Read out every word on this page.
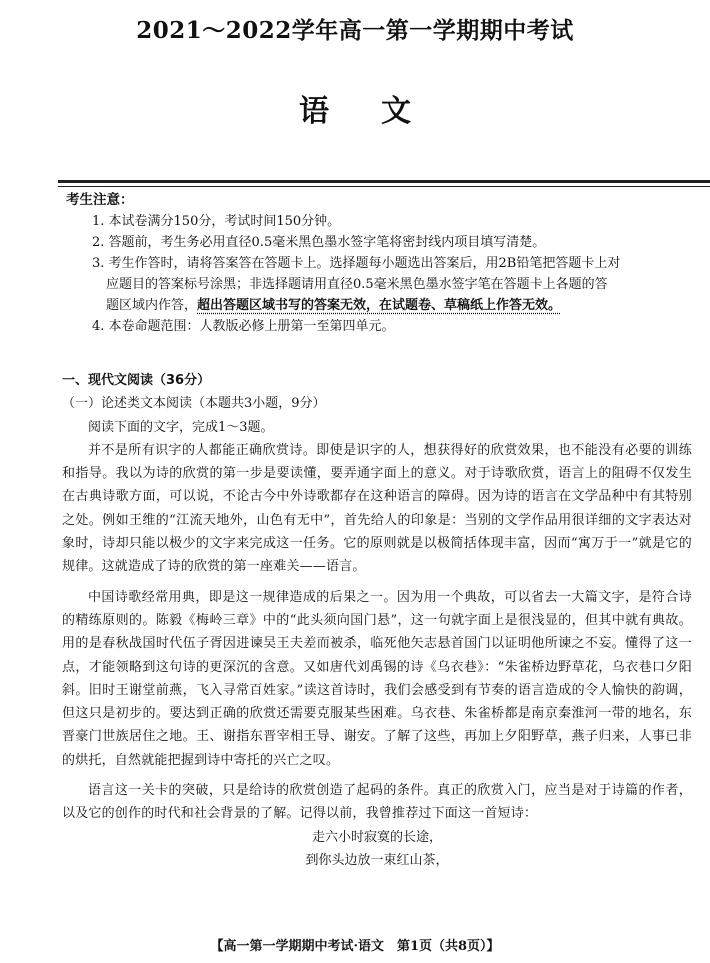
2021～2022学年高一第一学期期中考试
语文

考生注意：

1. 本试卷满分150分，考试时间150分钟。
2. 答题前，考生务必用直径0.5毫米黑色墨水签字笔将密封线内项目填写清楚。
3. 考生作答时，请将答案答在答题卡上。选择题每小题选出答案后，用2B铅笔把答题卡上对
应题目的答案标号涂黑；非选择题请用直径0.5毫米黑色墨水签字笔在答题卡上各题的答
题区域内作答，超出答题区域书写的答案无效，在试题卷、草稿纸上作答无效。
4. 本卷命题范围：人教版必修上册第一至第四单元。

一、现代文阅读（36分）

（一）论述类文本阅读（本题共3小题，9分）

阅读下面的文字，完成1～3题。

并不是所有识字的人都能正确欣赏诗。即使是识字的人，想获得好的欣赏效果，也不能没有必要的训练和指导。我以为诗的欣赏的第一步是要读懂，要弄通字面上的意义。对于诗歌欣赏，语言上的阻碍不仅发生在古典诗歌方面，可以说，不论古今中外诗歌都存在这种语言的障碍。因为诗的语言在文学品种中有其特别之处。例如王维的“江流天地外，山色有无中”，首先给人的印象是：当别的文学作品用很详细的文字表达对象时，诗却只能以极少的文字来完成这一任务。它的原则就是以极简括体现丰富，因而“寓万于一”就是它的规律。这就造成了诗的欣赏的第一座难关——语言。

中国诗歌经常用典，即是这一规律造成的后果之一。因为用一个典故，可以省去一大篇文字，是符合诗的精练原则的。陈毅《梅岭三章》中的“此头须向国门悬”，这一句就字面上是很浅显的，但其中就有典故。用的是春秋战国时代伍子胥因进谏吴王夫差而被杀，临死他矢志悬首国门以证明他所谏之不妄。懂得了这一点，才能领略到这句诗的更深沉的含意。又如唐代刘禹锡的诗《乌衣巷》：“朱雀桥边野草花，乌衣巷口夕阳斜。旧时王谢堂前燕，飞入寻常百姓家。”读这首诗时，我们会感受到有节奏的语言造成的令人愉快的韵调，但这只是初步的。要达到正确的欣赏还需要克服某些困难。乌衣巷、朱雀桥都是南京秦淮河一带的地名，东晋豪门世族居住之地。王、谢指东晋宰相王导、谢安。了解了这些，再加上夕阳野草，燕子归来，人事已非的烘托，自然就能把握到诗中寄托的兴亡之叹。

语言这一关卡的突破，只是给诗的欣赏创造了起码的条件。真正的欣赏入门，应当是对于诗篇的作者，以及它的创作的时代和社会背景的了解。记得以前，我曾推荐过下面这一首短诗：

走六小时寂寞的长途，

到你头边放一束红山茶，

【高一第一学期期中考试·语文　第1页（共8页）】
